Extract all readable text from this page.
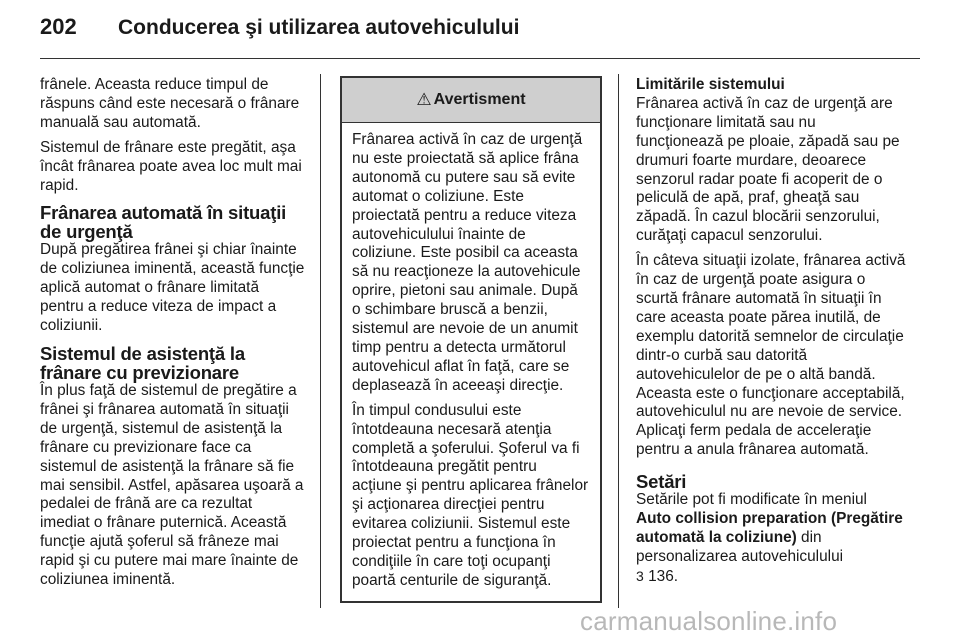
202	Conducerea şi utilizarea autovehiculului

frânele. Aceasta reduce timpul de răspuns când este necesară o frânare manuală sau automată.

Sistemul de frânare este pregătit, aşa încât frânarea poate avea loc mult mai rapid.

Frânarea automată în situaţii de urgenţă

După pregătirea frânei şi chiar înainte de coliziunea iminentă, această funcţie aplică automat o frânare limitată pentru a reduce viteza de impact a coliziunii.

Sistemul de asistenţă la frânare cu previzionare

În plus faţă de sistemul de pregătire a frânei şi frânarea automată în situaţii de urgenţă, sistemul de asistenţă la frânare cu previzionare face ca sistemul de asistenţă la frânare să fie mai sensibil. Astfel, apăsarea uşoară a pedalei de frână are ca rezultat imediat o frânare puternică. Această funcţie ajută şoferul să frâneze mai rapid şi cu putere mai mare înainte de coliziunea iminentă.

⚠ Avertisment

Frânarea activă în caz de urgenţă nu este proiectată să aplice frâna autonomă cu putere sau să evite automat o coliziune. Este proiectată pentru a reduce viteza autovehiculului înainte de coliziune. Este posibil ca aceasta să nu reacţioneze la autovehicule oprire, pietoni sau animale. După o schimbare bruscă a benzii, sistemul are nevoie de un anumit timp pentru a detecta următorul autovehicul aflat în faţă, care se deplasează în aceeaşi direcţie.

În timpul condusului este întotdeauna necesară atenţia completă a şoferului. Şoferul va fi întotdeauna pregătit pentru acţiune şi pentru aplicarea frânelor şi acţionarea direcţiei pentru evitarea coliziunii. Sistemul este proiectat pentru a funcţiona în condiţiile în care toţi ocupanţi poartă centurile de siguranţă.

Limitările sistemului

Frânarea activă în caz de urgenţă are funcţionare limitată sau nu funcţionează pe ploaie, zăpadă sau pe drumuri foarte murdare, deoarece senzorul radar poate fi acoperit de o peliculă de apă, praf, gheaţă sau zăpadă. În cazul blocării senzorului, curăţaţi capacul senzorului.

În câteva situaţii izolate, frânarea activă în caz de urgenţă poate asigura o scurtă frânare automată în situaţii în care aceasta poate părea inutilă, de exemplu datorită semnelor de circulaţie dintr-o curbă sau datorită autovehiculelor de pe o altă bandă. Aceasta este o funcţionare acceptabilă, autovehiculul nu are nevoie de service. Aplicaţi ferm pedala de acceleraţie pentru a anula frânarea automată.

Setări

Setările pot fi modificate în meniul Auto collision preparation (Pregătire automată la coliziune) din personalizarea autovehiculului
3 136.

carmanualsonline.info
